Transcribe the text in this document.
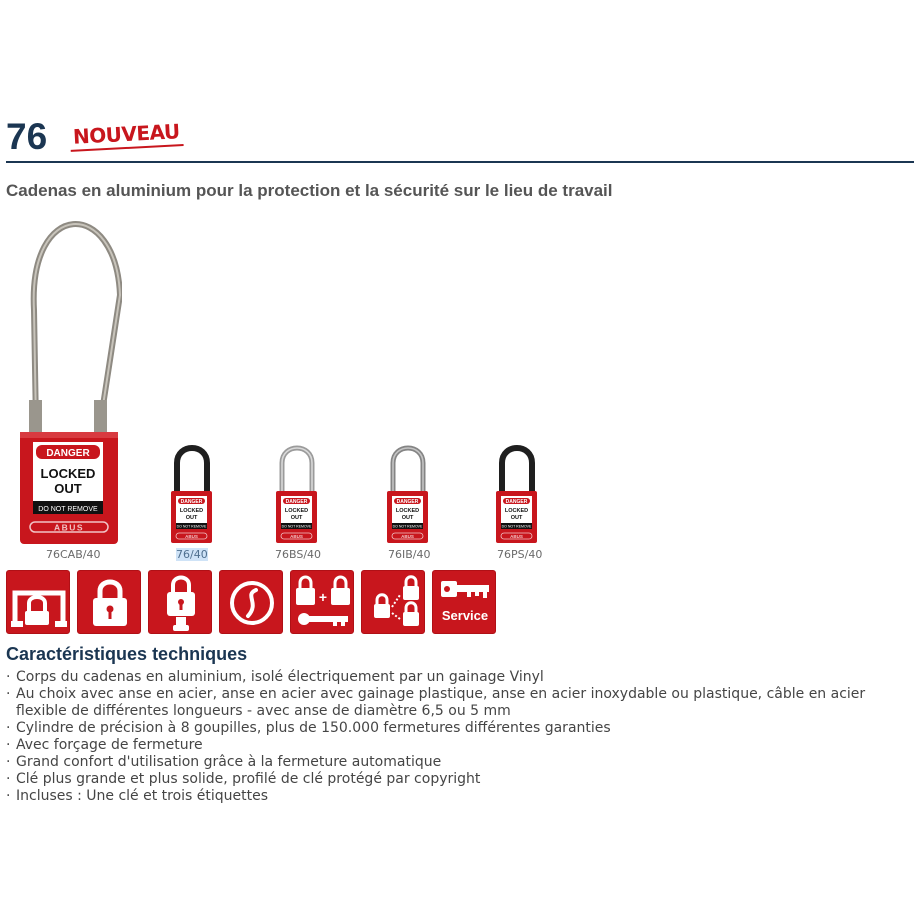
76 NOUVEAU
Cadenas en aluminium pour la protection et la sécurité sur le lieu de travail
DANGER
LOCKED
OUT
DO NOT REMOVE
ABUS
76CAB/40
DANGER
LOCKED
OUT
DO NOT REMOVE
ABUS
76/40
DANGER
LOCKED
OUT
DO NOT REMOVE
ABUS
76BS/40
DANGER
LOCKED
OUT
DO NOT REMOVE
ABUS
76IB/40
DANGER
LOCKED
OUT
DO NOT REMOVE
ABUS
76PS/40
+
Service
Caractéristiques techniques
· Corps du cadenas en aluminium, isolé électriquement par un gainage Vinyl
· Au choix avec anse en acier, anse en acier avec gainage plastique, anse en acier inoxydable ou plastique, câble en acier flexible de différentes longueurs - avec anse de diamètre 6,5 ou 5 mm
· Cylindre de précision à 8 goupilles, plus de 150.000 fermetures différentes garanties
· Avec forçage de fermeture
· Grand confort d'utilisation grâce à la fermeture automatique
· Clé plus grande et plus solide, profilé de clé protégé par copyright
· Incluses : Une clé et trois étiquettes
